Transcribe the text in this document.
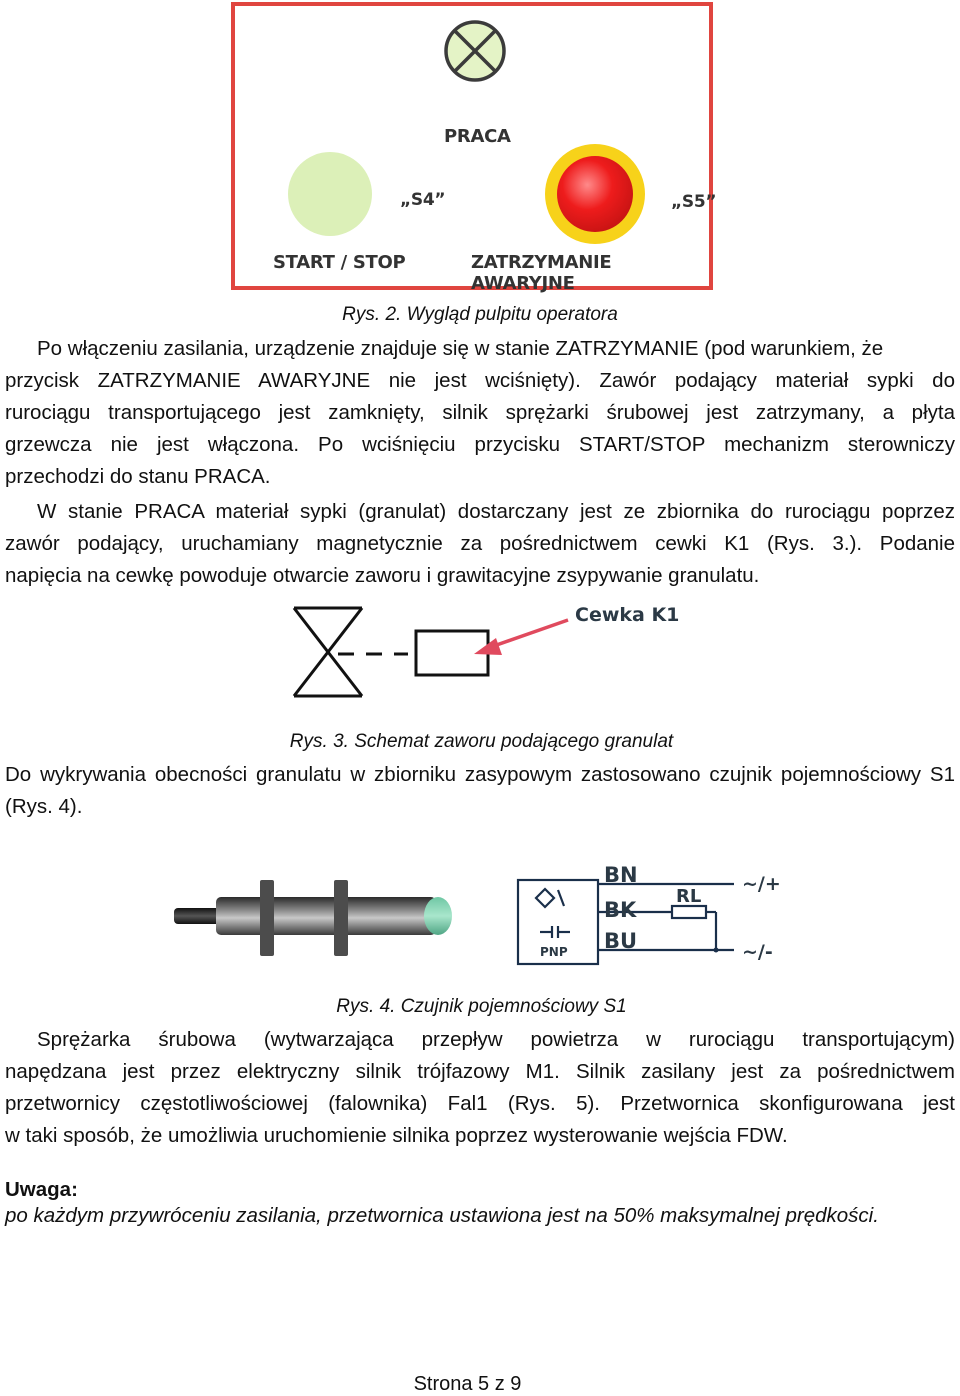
PRACA
„S4”
START / STOP
„S5”
ZATRZYMANIE AWARYJNE

Rys. 2. Wygląd pulpitu operatora

Po włączeniu zasilania, urządzenie znajduje się w stanie ZATRZYMANIE (pod warunkiem, że

przycisk ZATRZYMANIE AWARYJNE nie jest wciśnięty). Zawór podający materiał sypki do

rurociągu transportującego jest zamknięty, silnik sprężarki śrubowej jest zatrzymany, a płyta

grzewcza nie jest włączona. Po wciśnięciu przycisku START/STOP mechanizm sterowniczy

przechodzi do stanu PRACA.

W stanie PRACA materiał sypki (granulat) dostarczany jest ze zbiornika do rurociągu poprzez

zawór podający, uruchamiany magnetycznie za pośrednictwem cewki K1 (Rys. 3.). Podanie

napięcia na cewkę powoduje otwarcie zaworu i grawitacyjne zsypywanie granulatu.

Cewka K1

Rys. 3. Schemat zaworu podającego granulat

Do wykrywania obecności granulatu w zbiorniku zasypowym zastosowano czujnik pojemnościowy S1

(Rys. 4).

BN
BK
BU
RL
PNP
~/+
~/-

Rys. 4. Czujnik pojemnościowy S1

Sprężarka śrubowa (wytwarzająca przepływ powietrza w rurociągu transportującym)

napędzana jest przez elektryczny silnik trójfazowy M1. Silnik zasilany jest za pośrednictwem

przetwornicy częstotliwościowej (falownika) Fal1 (Rys. 5). Przetwornica skonfigurowana jest

w taki sposób, że umożliwia uruchomienie silnika poprzez wysterowanie wejścia FDW.

Uwaga:

po każdym przywróceniu zasilania, przetwornica ustawiona jest na 50% maksymalnej prędkości.

Strona 5 z 9
